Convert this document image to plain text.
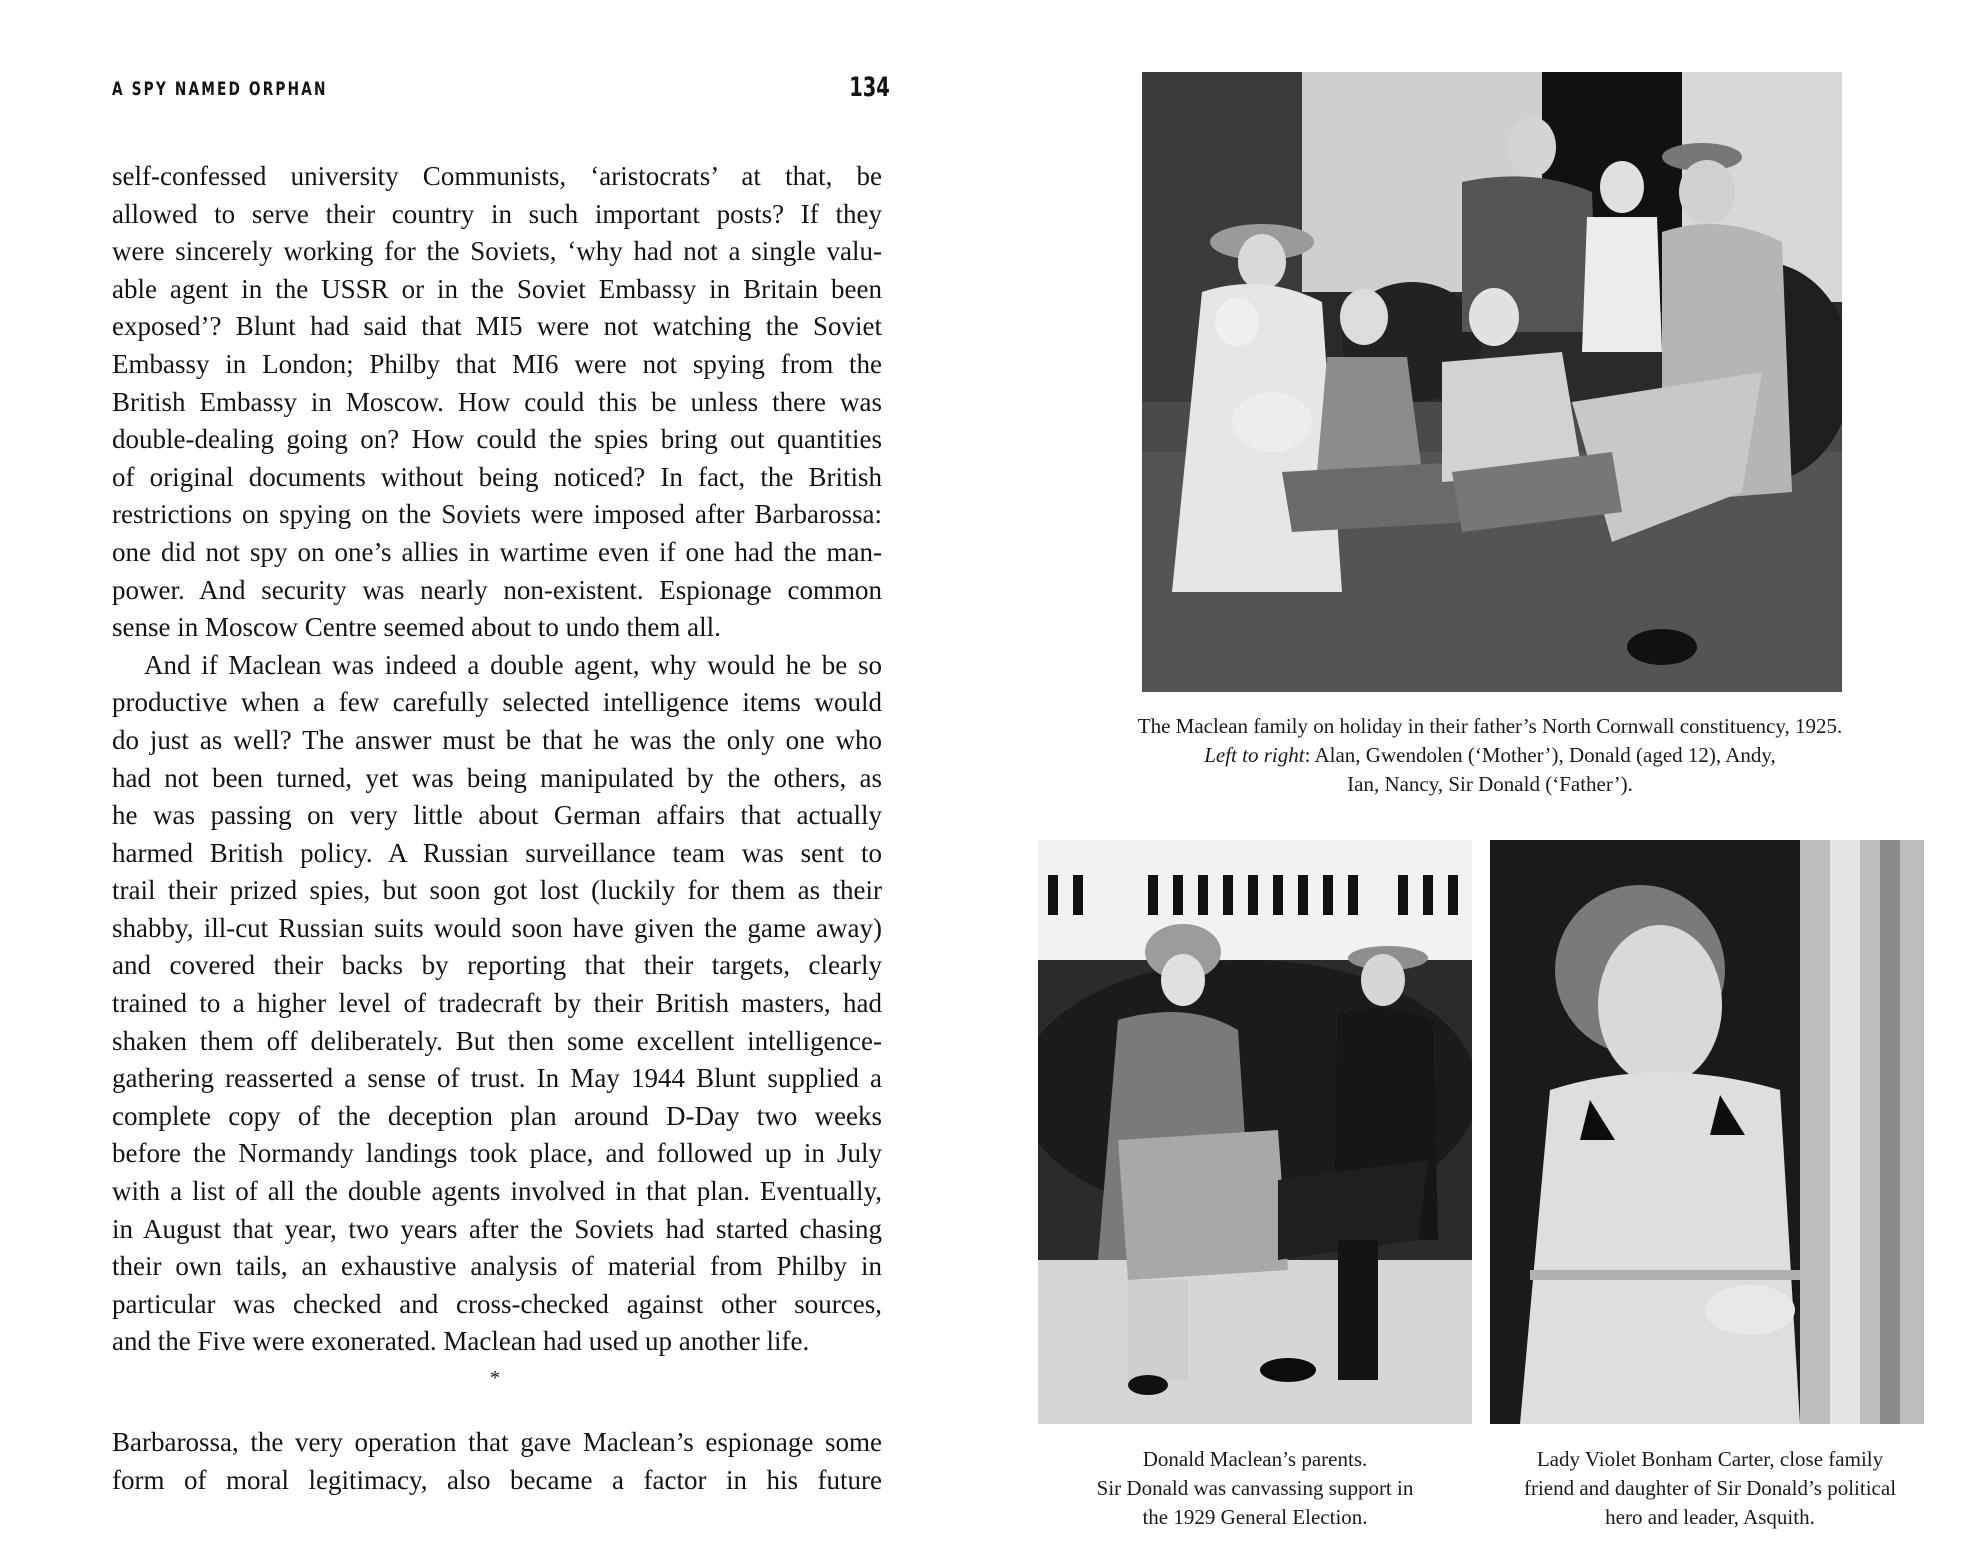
A SPY NAMED ORPHAN	134
self-confessed university Communists, ‘aristocrats’ at that, be
allowed to serve their country in such important posts? If they
were sincerely working for the Soviets, ‘why had not a single valu-
able agent in the USSR or in the Soviet Embassy in Britain been
exposed’? Blunt had said that MI5 were not watching the Soviet
Embassy in London; Philby that MI6 were not spying from the
British Embassy in Moscow. How could this be unless there was
double-dealing going on? How could the spies bring out quantities
of original documents without being noticed? In fact, the British
restrictions on spying on the Soviets were imposed after Barbarossa:
one did not spy on one’s allies in wartime even if one had the man-
power. And security was nearly non-existent. Espionage common
sense in Moscow Centre seemed about to undo them all.
And if Maclean was indeed a double agent, why would he be so
productive when a few carefully selected intelligence items would
do just as well? The answer must be that he was the only one who
had not been turned, yet was being manipulated by the others, as
he was passing on very little about German affairs that actually
harmed British policy. A Russian surveillance team was sent to
trail their prized spies, but soon got lost (luckily for them as their
shabby, ill-cut Russian suits would soon have given the game away)
and covered their backs by reporting that their targets, clearly
trained to a higher level of tradecraft by their British masters, had
shaken them off deliberately. But then some excellent intelligence-
gathering reasserted a sense of trust. In May 1944 Blunt supplied a
complete copy of the deception plan around D-Day two weeks
before the Normandy landings took place, and followed up in July
with a list of all the double agents involved in that plan. Eventually,
in August that year, two years after the Soviets had started chasing
their own tails, an exhaustive analysis of material from Philby in
particular was checked and cross-checked against other sources,
and the Five were exonerated. Maclean had used up another life.
*
Barbarossa, the very operation that gave Maclean’s espionage some
form of moral legitimacy, also became a factor in his future
The Maclean family on holiday in their father’s North Cornwall constituency, 1925.
Left to right: Alan, Gwendolen (‘Mother’), Donald (aged 12), Andy,
Ian, Nancy, Sir Donald (‘Father’).
Donald Maclean’s parents.
Sir Donald was canvassing support in
the 1929 General Election.
Lady Violet Bonham Carter, close family
friend and daughter of Sir Donald’s political
hero and leader, Asquith.
